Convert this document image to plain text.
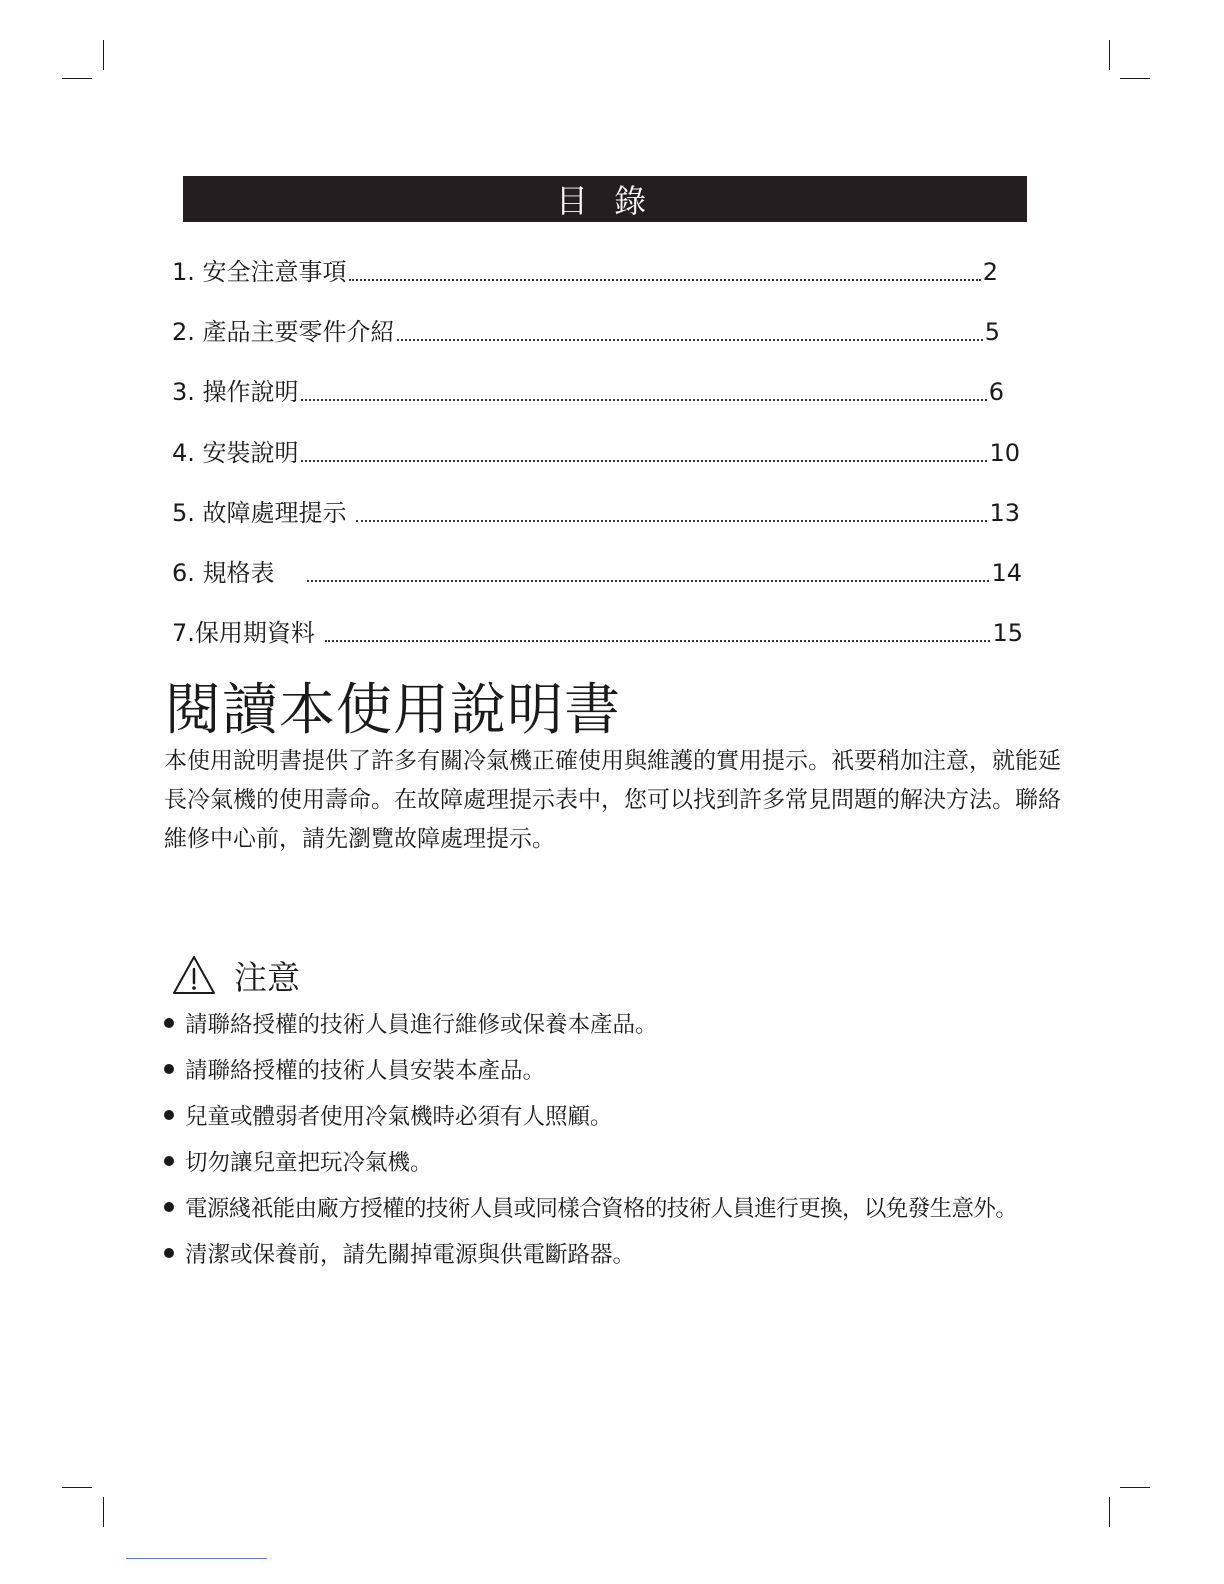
目 錄
1. 安全注意事項	2
2. 產品主要零件介紹	5
3. 操作說明	6
4. 安裝說明	10
5. 故障處理提示	13
6. 規格表	14
7. 保用期資料	15
閱讀本使用說明書

本使用說明書提供了許多有關冷氣機正確使用與維護的實用提示。祇要稍加注意，就能延長冷氣機的使用壽命。在故障處理提示表中，您可以找到許多常見問題的解決方法。聯絡維修中心前，請先瀏覽故障處理提示。

注意
請聯絡授權的技術人員進行維修或保養本產品。
請聯絡授權的技術人員安裝本產品。
兒童或體弱者使用冷氣機時必須有人照顧。
切勿讓兒童把玩冷氣機。
電源綫祇能由廠方授權的技術人員或同樣合資格的技術人員進行更換，以免發生意外。
清潔或保養前，請先關掉電源與供電斷路器。
